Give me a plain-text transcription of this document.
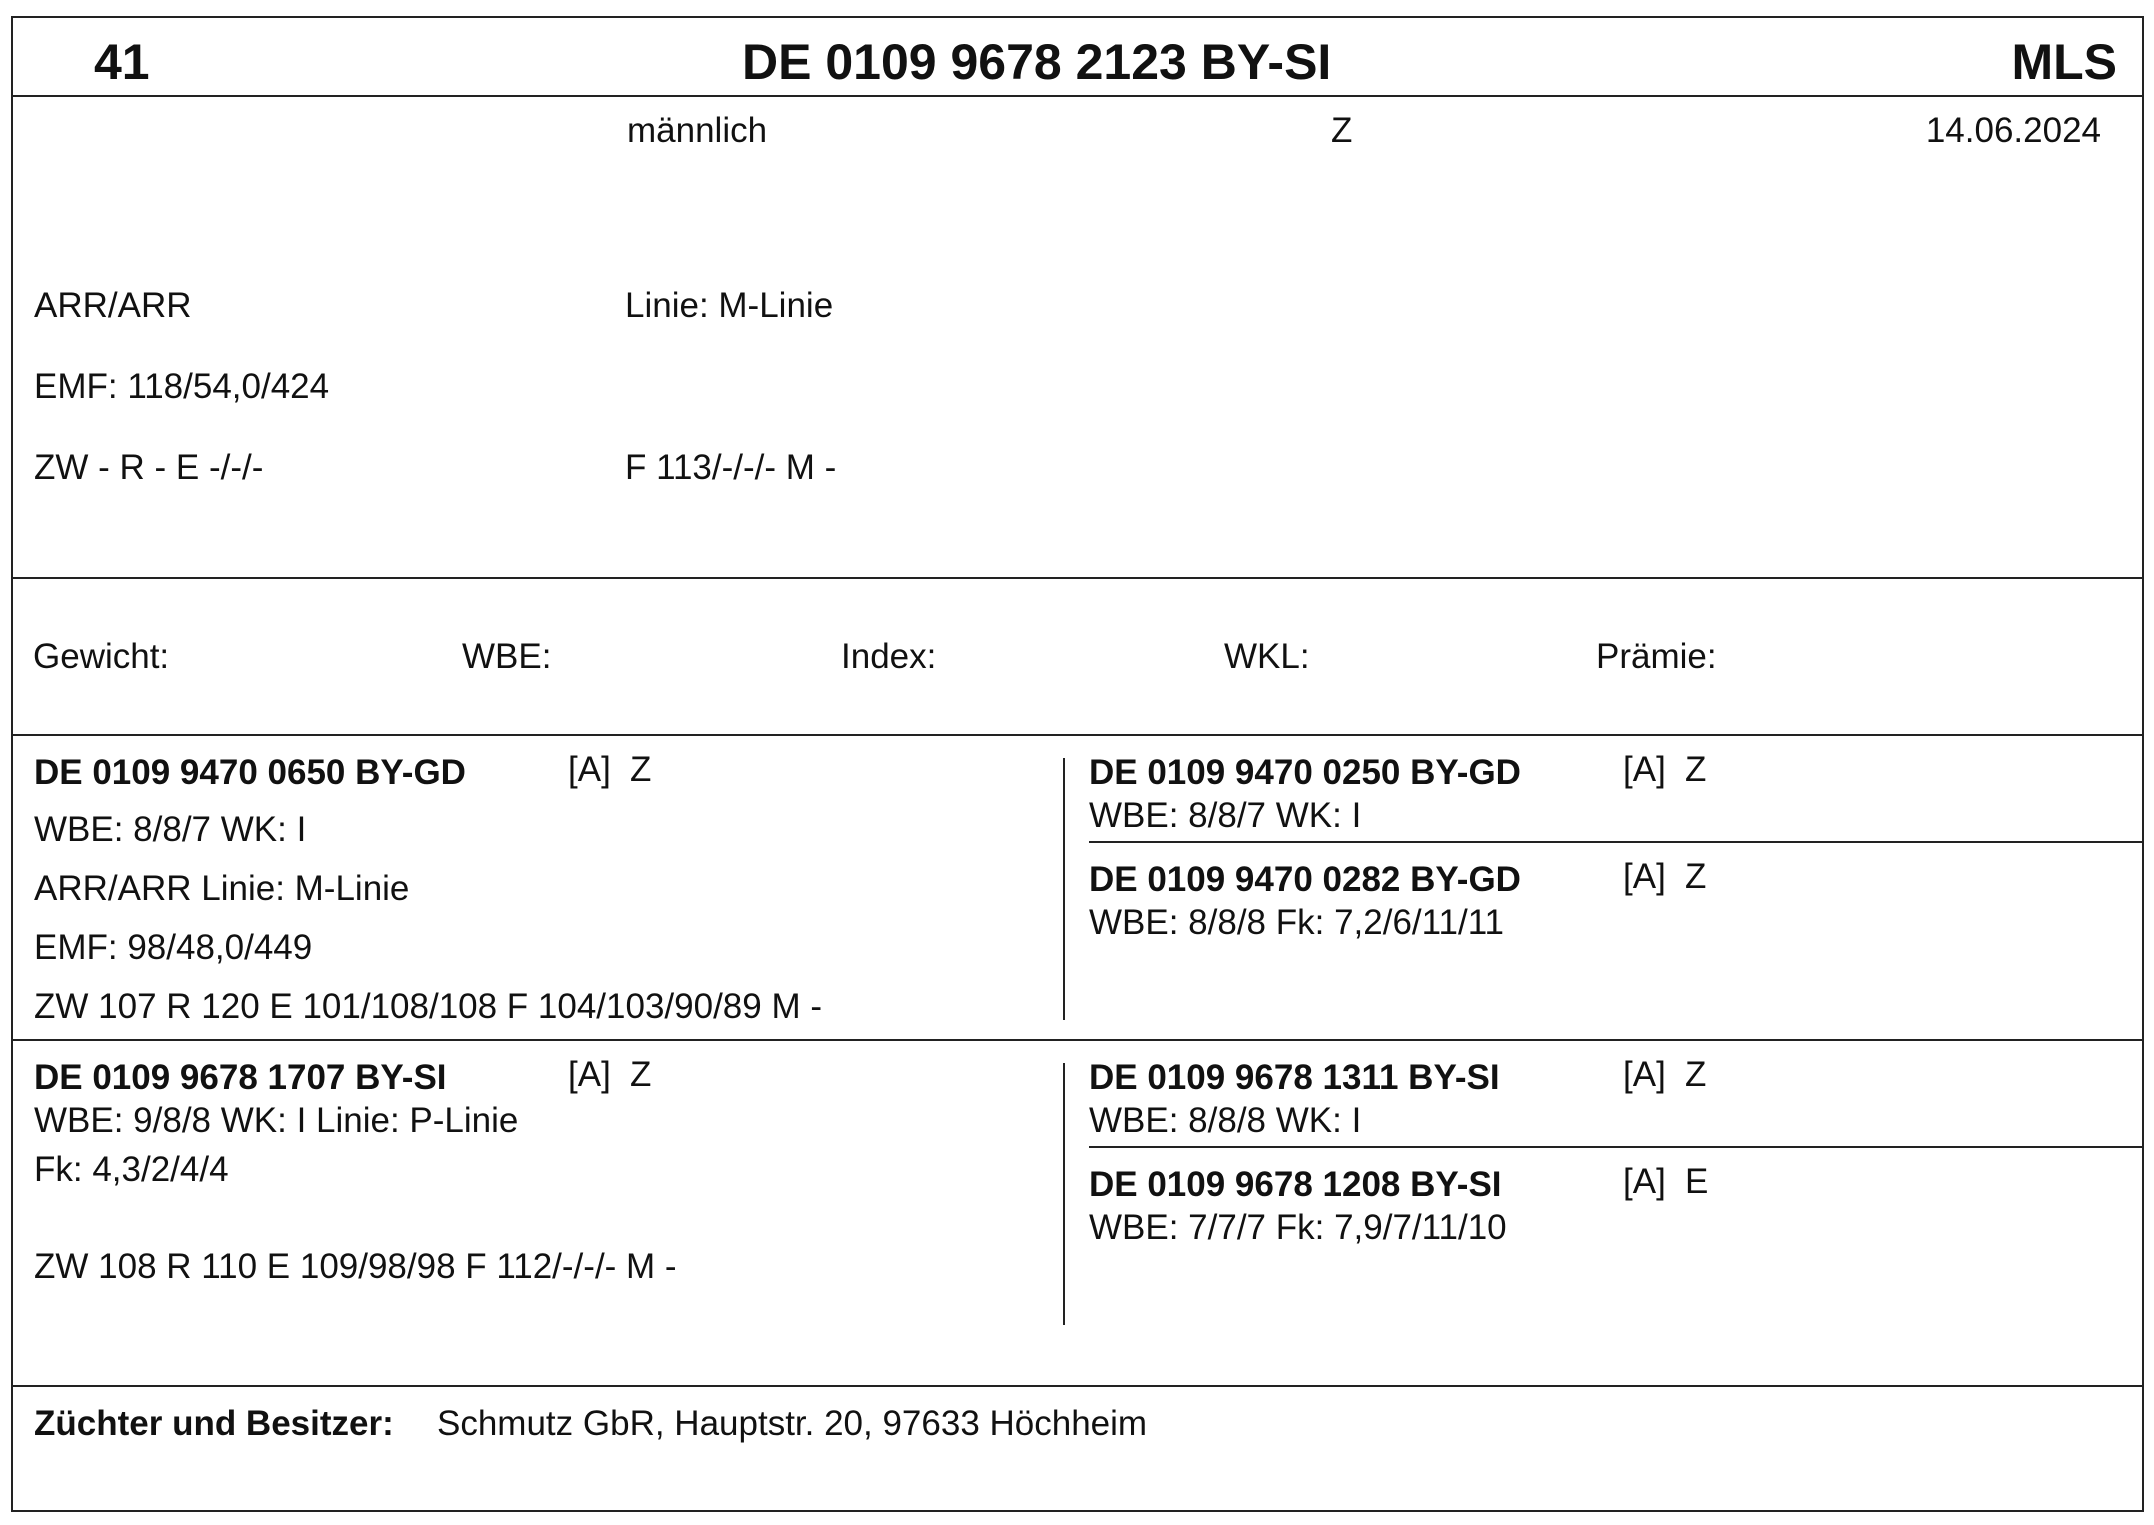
41	DE 0109 9678 2123 BY-SI	MLS
männlich	Z	14.06.2024
ARR/ARR	Linie: M-Linie
EMF: 118/54,0/424
ZW - R - E -/-/-	F 113/-/-/- M -
Gewicht:	WBE:	Index:	WKL:	Prämie:
DE 0109 9470 0650 BY-GD	[A] Z
WBE: 8/8/7 WK: I
ARR/ARR Linie: M-Linie
EMF: 98/48,0/449
ZW 107 R 120 E 101/108/108 F 104/103/90/89 M -
DE 0109 9470 0250 BY-GD	[A] Z
WBE: 8/8/7 WK: I
DE 0109 9470 0282 BY-GD	[A] Z
WBE: 8/8/8 Fk: 7,2/6/11/11
DE 0109 9678 1707 BY-SI	[A] Z
WBE: 9/8/8 WK: I Linie: P-Linie
Fk: 4,3/2/4/4
ZW 108 R 110 E 109/98/98 F 112/-/-/- M -
DE 0109 9678 1311 BY-SI	[A] Z
WBE: 8/8/8 WK: I
DE 0109 9678 1208 BY-SI	[A] E
WBE: 7/7/7 Fk: 7,9/7/11/10
Züchter und Besitzer: Schmutz GbR, Hauptstr. 20, 97633 Höchheim
